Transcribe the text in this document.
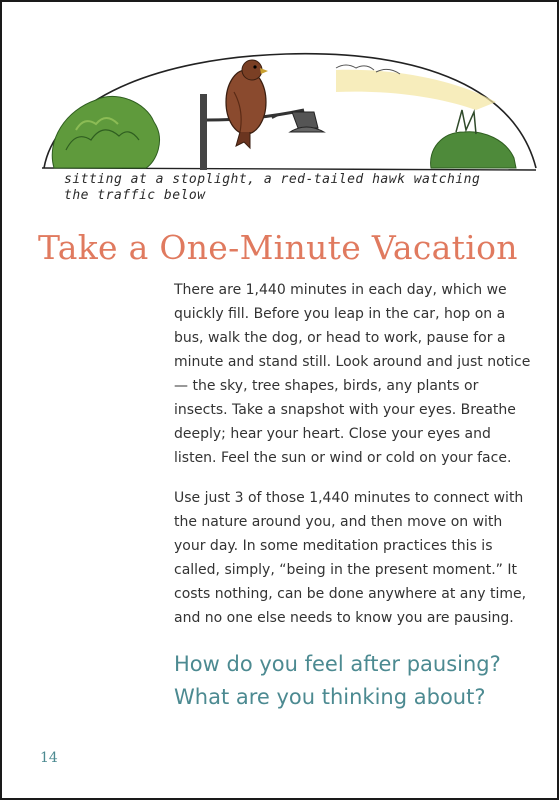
sitting at a stoplight, a red-tailed hawk watching the traffic below
Take a One-Minute Vacation

There are 1,440 minutes in each day, which we quickly fill. Before you leap in the car, hop on a bus, walk the dog, or head to work, pause for a minute and stand still. Look around and just notice — the sky, tree shapes, birds, any plants or insects. Take a snapshot with your eyes. Breathe deeply; hear your heart. Close your eyes and listen. Feel the sun or wind or cold on your face.

Use just 3 of those 1,440 minutes to connect with the nature around you, and then move on with your day. In some meditation practices this is called, simply, “being in the present moment.” It costs nothing, can be done anywhere at any time, and no one else needs to know you are pausing.

How do you feel after pausing?
What are you thinking about?
14
